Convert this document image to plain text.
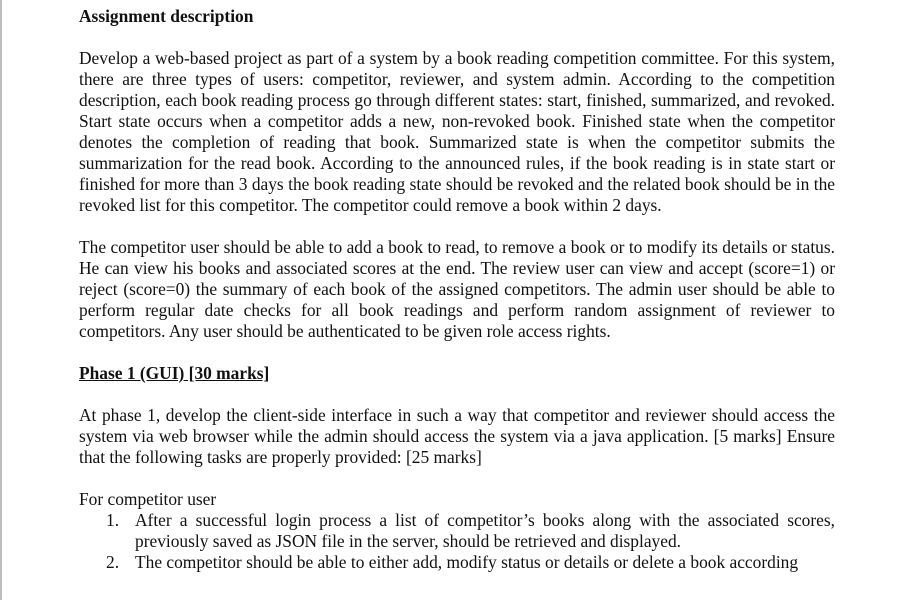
Assignment description

Develop a web-based project as part of a system by a book reading competition committee. For this system, there are three types of users: competitor, reviewer, and system admin. According to the competition description, each book reading process go through different states: start, finished, summarized, and revoked. Start state occurs when a competitor adds a new, non-revoked book. Finished state when the competitor denotes the completion of reading that book. Summarized state is when the competitor submits the summarization for the read book. According to the announced rules, if the book reading is in state start or finished for more than 3 days the book reading state should be revoked and the related book should be in the revoked list for this competitor. The competitor could remove a book within 2 days.

The competitor user should be able to add a book to read, to remove a book or to modify its details or status. He can view his books and associated scores at the end. The review user can view and accept (score=1) or reject (score=0) the summary of each book of the assigned competitors. The admin user should be able to perform regular date checks for all book readings and perform random assignment of reviewer to competitors. Any user should be authenticated to be given role access rights.

Phase 1 (GUI) [30 marks]

At phase 1, develop the client-side interface in such a way that competitor and reviewer should access the system via web browser while the admin should access the system via a java application. [5 marks] Ensure that the following tasks are properly provided: [25 marks]

For competitor user

1. After a successful login process a list of competitor’s books along with the associated scores, previously saved as JSON file in the server, should be retrieved and displayed.
2. The competitor should be able to either add, modify status or details or delete a book according
